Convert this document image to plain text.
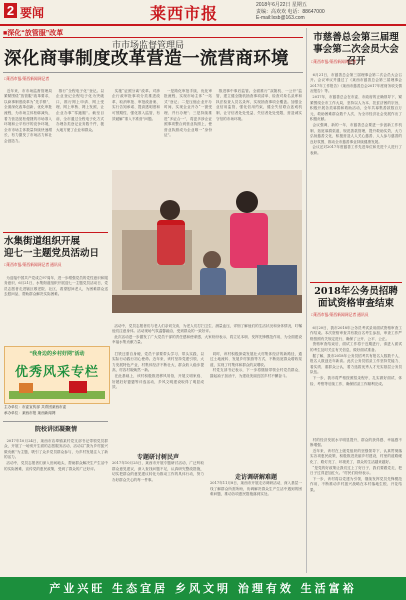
2 要闻	莱西市报	2018年6月22日 星期五
责编：高欢欢 电话：88647000
E-mail:lxsb@163.com
■深化“放管服”改革
市市场监督管理局
深化商事制度改革营造一流营商环境
□莱西市报/莱西新闻网记者

近年来，市市场监督管理局紧紧围绕“放管服”改革要求，以商事制度改革为“先手棋”，全面深化改革创新，优化审批流程，为市场主体松绑减负，着力营造宽松便捷的市场准入环境和公平有序的竞争环境，全市市场主体数量持续快速增长，有力激发了市场活力和社会创造力。

推行“全程电子化”登记。以企业登记全程电子化为突破口，推行网上申请、网上受理、网上审核、网上发照，让企业办事“零跑腿”。截至目前，全市通过全程电子化方式办理各类登记业务数千件，极大地方便了企业和群众。

实施“证照分离”改革。对涉企行政审批事项分类推进改革，取消审批、审批改备案、实行告知承诺、提高透明度和可预期性、强化准入监管，有效破解“准入不准营”问题。

一是简化审批手续，优化审批流程，实现市场主体“一站式”登记；二是压缩企业开办时间，实现企业开办“一窗受理、并行办理”；三是持续推进“多证合一”，将更多涉企证照事项整合到营业执照上，使营业执照成为企业唯一“身份证”。

推进事中事后监管。全面推行“双随机、一公开”监管，建立健全随机抽查事项清单、检查对象名录库和执法检查人员名录库，实现抽查事项全覆盖。加强企业信用监管，强化信用约束，健全失信联合惩戒机制，让守信者处处受益、失信者处处受限，营造诚实守信的市场环境。

水集街道组织开展
迎七一主题党员活动日
□莱西市报/莱西新闻网记者 通讯员

为迎接中国共产党成立97周年，进一步增强党员的党性意识和服务意识，6月21日，水集街道组织开展迎七一主题党员活动日，党员志愿者走进辖区敬老院、社区，看望慰问老人，为困难群众送去慰问品，帮助群众解决实际困难。

活动中，党员志愿者们与老人们亲切交谈，为老人们打扫卫生、测量血压，详细了解他们的生活状况和身体情况，叮嘱他们注意身体。活动现场气氛温馨融洽，受到群众的一致好评。
此次活动进一步激发了广大党员干部的责任感和使命感，大家纷纷表示，将立足本职、发挥先锋模范作用，为全面建设幸福水集贡献力量。

市慈善总会第三届理事会第二次会员大会召开
□莱西市报/莱西新闻网记者

6月21日，市慈善总会第三届理事会第二次会员大会召开。会议审议并通过了《莱西市慈善总会第三届理事会2017年工作报告》《莱西市慈善总会2017年度财务收支情况报告》等。
2017年，市慈善总会在市委、市政府的正确领导下，紧紧围绕全市工作大局，坚持以人为本、扶贫济困的宗旨，积极开展各类募捐和救助活动，全年共募集善款数百万元，救助困难群众数千人次，为全市经济社会发展作出了积极贡献。
会议强调，新的一年，市慈善总会要进一步创新工作机制，拓宽募捐渠道，规范善款管理，提升救助实效，大力弘扬慈善文化，积极营造人人关心慈善、人人参与慈善的良好氛围，推动全市慈善事业持续健康发展。
会议还对2017年度慈善工作先进单位和先进个人进行了表彰。

2018年公务员招聘面试资格审查结束
□莱西市报/莱西新闻网记者 通讯员

6月20日，我市2018年公务员考试录用面试资格审查工作结束。本次资格审查共有数百名考生参加，审查工作严格按照有关规定进行，确保了公开、公平、公正。
资格审查结束后，面试工作将于近期进行，请进入面试的考生及时关注有关信息，做好面试准备。
据了解，我市2018年公务员招考共有报名人数数千人，报名人数创近年新高。此次公务员招录工作坚持凭能力、看实绩、重群众公认，着力选拔优秀人才充实基层公务员队伍。
下一步，我市将严格按照招录程序，扎实做好面试、体检、考察等后续工作，确保招录工作顺利完成。

村的经济发展水平明显提升，群众的获得感、幸福感不断增强。
近年来，该村在上级党组织的坚强领导下，认真贯彻落实各项惠民政策，积极推进美丽乡村建设，村里的道路硬化了、路灯亮了、环境美了，群众的生活越来越好。
“是党的好政策让我们过上了好日子，我们要跟党走，把日子过得更加红火。”村民们纷纷表示。
下一步，该村将以党建为引领，继续发挥党员先锋模范作用，不断推动乡村振兴战略在本村落地生根、开花结果。

“我身边的乡村好网”活动
优秀风采专栏
主办单位：市委宣传部 共青团莱西市委
承办单位：莱西市报 莱西新闻网
院校讲团凝聚情

2017年10月24日，莱西市店埠镇某村党支部书记带领党员群众，开展了一场别开生面的志愿服务活动，活动以“我为乡村振兴做贡献”为主题，吸引了众多党员群众参与，为乡村发展注入了新的活力。
活动中，党员志愿者们深入田间地头，帮助群众解决生产生活中的实际困难，宣传党的惠民政策，受到了群众的广泛好评。

打铁还需自身硬，党员干部要带头学习、带头实践，以实际行动践行初心使命。近年来，该村坚持党建引领，大力发展特色产业，村集体经济不断壮大，群众收入稳步提高，村容村貌焕然一新。
在此基础上，该村积极推进移风易俗，开展文明家庭、好媳妇好婆婆等评选活动，乡风文明建设取得了明显成效。

专题研讨树民声
2017年10月25日，莱西市开展专题研讨活动，广泛听取群众意见建议，深入查找问题不足，认真研究整改措施，切实把群众的意见建议转化为推动工作的具体行动，努力办好群众关心的每一件事。

同时，该村积极探索发展壮大村集体经济的新路径，通过土地流转、发展乡村旅游等方式，不断拓宽群众增收渠道，实现了村集体和群众的双增收。
村党支部书记表示，下一步将继续带领全村党员群众，撸起袖子加油干，为建设美丽宜居乡村不懈奋斗。

走访调研解难题
2017年11月8日，莱西市开展走访调研活动，深入基层一线了解群众所需所盼，协调解决群众生产生活中遇到的困难问题，推动各项惠民措施落到实处。
产业兴旺 生态宜居 乡风文明 治理有效 生活富裕
